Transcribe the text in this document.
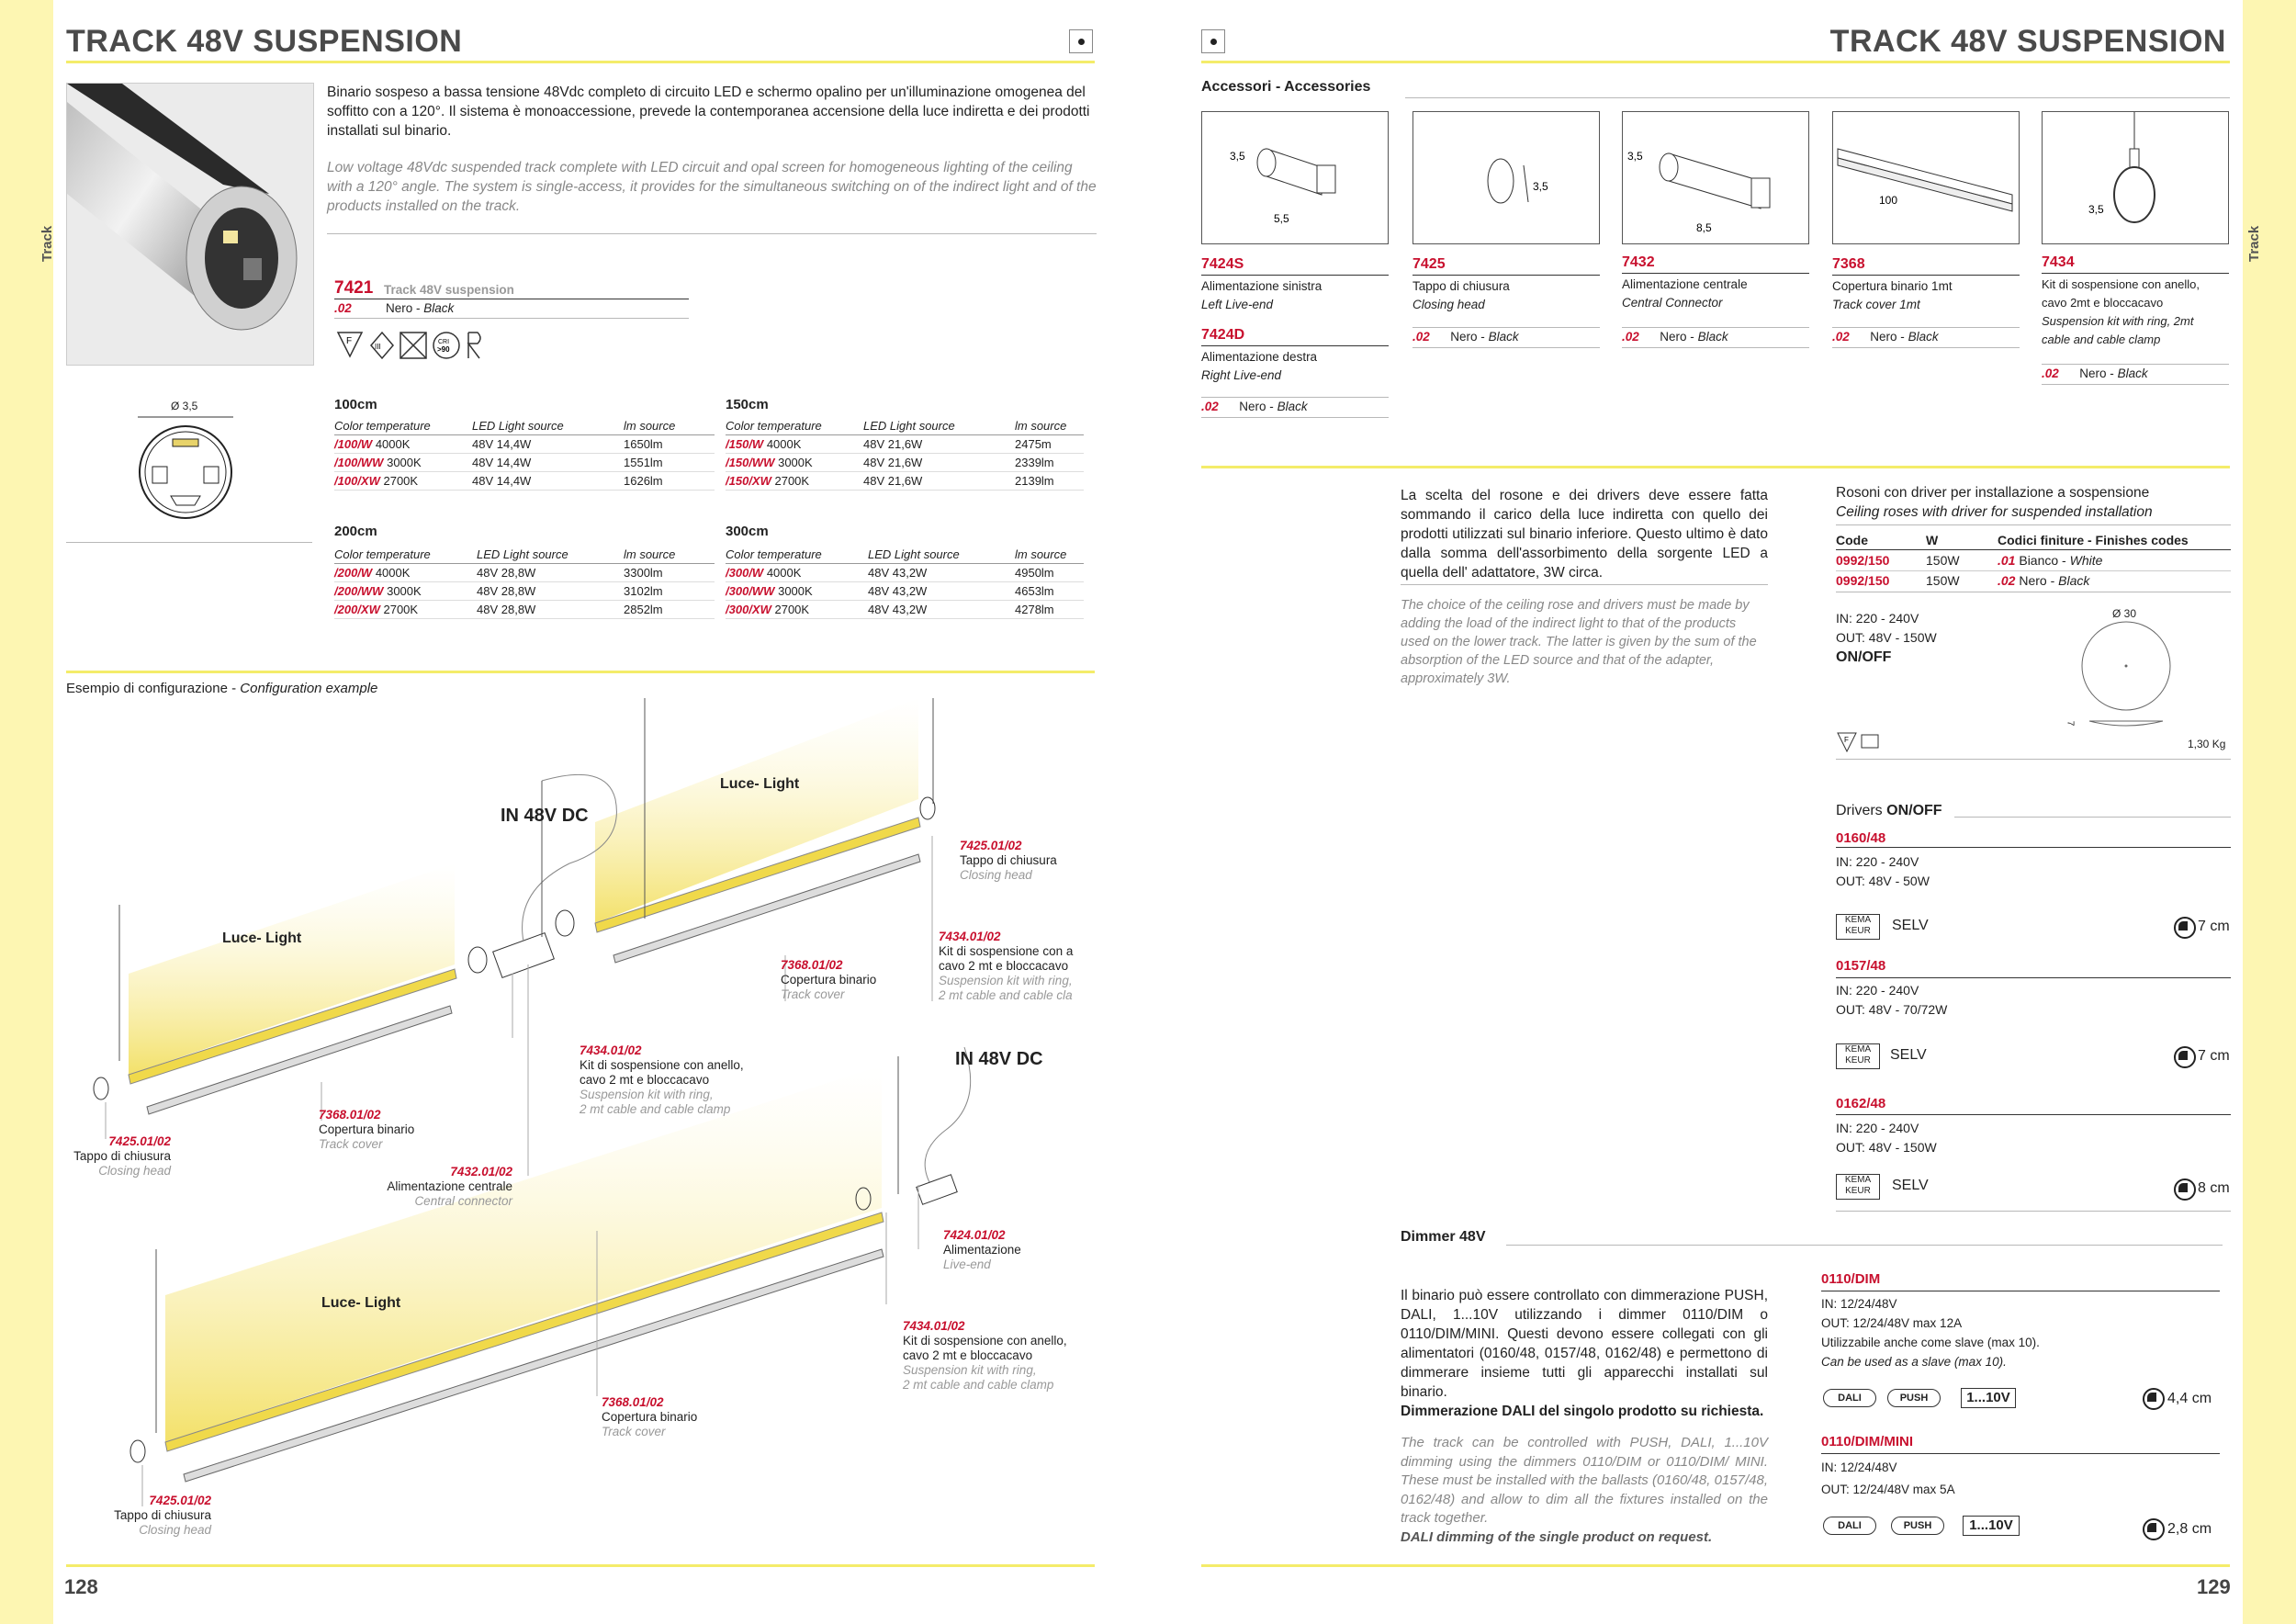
Track
TRACK 48V SUSPENSION
Binario sospeso a bassa tensione 48Vdc completo di circuito LED e schermo opalino per un'illuminazione omogenea del soffitto con a 120°. Il sistema è monoaccessione, prevede la contemporanea accensione della luce indiretta e dei prodotti installati sul binario.
Low voltage 48Vdc suspended track complete with LED circuit and opal screen for homogeneous lighting of the ceiling with a 120° angle. The system is single-access, it provides for the simultaneous switching on of the indirect light and of the products installed on the track.
7421 Track 48V suspension
.02	Nero - Black
F
III
CRI
>90
Ø 3,5	100cm
Color temperature	LED Light source	lm source
/100/W 4000K	48V 14,4W	1650lm
/100/WW 3000K	48V 14,4W	1551lm
/100/XW 2700K	48V 14,4W	1626lm
150cm
Color temperature	LED Light source	lm source
/150/W 4000K	48V 21,6W	2475m
/150/WW 3000K	48V 21,6W	2339lm
/150/XW 2700K	48V 21,6W	2139lm
200cm
Color temperature	LED Light source	lm source
/200/W 4000K	48V 28,8W	3300lm
/200/WW 3000K	48V 28,8W	3102lm
/200/XW 2700K	48V 28,8W	2852lm
300cm
Color temperature	LED Light source	lm source
/300/W 4000K	48V 43,2W	4950lm
/300/WW 3000K	48V 43,2W	4653lm
/300/XW 2700K	48V 43,2W	4278lm
Esempio di configurazione - Configuration example
Luce- Light
Luce- Light
Luce- Light
IN 48V DC
IN 48V DC
7425.01/02
Tappo di chiusura
Closing head
7434.01/02
Kit di sospensione con a
cavo 2 mt e bloccacavo
Suspension kit with ring,
2 mt cable and cable cla
7368.01/02
Copertura binario
Track cover
7434.01/02
Kit di sospensione con anello,
cavo 2 mt e bloccacavo
Suspension kit with ring,
2 mt cable and cable clamp
7425.01/02
Tappo di chiusura
Closing head
7368.01/02
Copertura binario
Track cover
7432.01/02
Alimentazione centrale
Central connector
7424.01/02
Alimentazione
Live-end
7434.01/02
Kit di sospensione con anello,
cavo 2 mt e bloccacavo
Suspension kit with ring,
2 mt cable and cable clamp
7368.01/02
Copertura binario
Track cover
7425.01/02
Tappo di chiusura
Closing head
128
Track
TRACK 48V SUSPENSION
Accessori - Accessories
3,5
5,5
3,5
3,5
8,5
100
3,5
7424S
Alimentazione sinistra
Left Live-end
7424D
Alimentazione destra
Right Live-end
.02 Nero - Black
7425
Tappo di chiusura
Closing head
.02 Nero - Black
7432
Alimentazione centrale
Central Connector
.02 Nero - Black
7368
Copertura binario 1mt
Track cover 1mt
.02 Nero - Black
7434
Kit di sospensione con anello,
cavo 2mt e bloccacavo
Suspension kit with ring, 2mt
cable and cable clamp
.02 Nero - Black
La scelta del rosone e dei drivers deve essere fatta sommando il carico della luce indiretta con quello dei prodotti utilizzati sul binario inferiore. Questo ultimo è dato dalla somma dell'assorbimento della sorgente LED a quella dell' adattatore, 3W circa.
The choice of the ceiling rose and drivers must be made by adding the load of the indirect light to that of the products used on the lower track. The latter is given by the sum of the absorption of the LED source and that of the adapter, approximately 3W.
Rosoni con driver per installazione a sospensione
Ceiling roses with driver for suspended installation
Code	W	Codici finiture - Finishes codes
0992/150	150W	.01 Bianco - White
0992/150	150W	.02 Nero - Black
IN: 220 - 240V
OUT: 48V - 150W
ON/OFF
Ø 30
7
F	1,30 Kg
Drivers ON/OFF
0160/48
IN: 220 - 240V
OUT: 48V - 50W
KEMA KEUR	SELV	7 cm
0157/48
IN: 220 - 240V
OUT: 48V - 70/72W
KEMA KEUR	SELV	7 cm
0162/48
IN: 220 - 240V
OUT: 48V - 150W
KEMA KEUR	SELV	8 cm
Dimmer 48V
Il binario può essere controllato con dimmerazione PUSH, DALI, 1...10V utilizzando i dimmer 0110/DIM o 0110/DIM/MINI. Questi devono essere collegati con gli alimentatori (0160/48, 0157/48, 0162/48) e permettono di dimmerare insieme tutti gli apparecchi installati sul binario.
Dimmerazione DALI del singolo prodotto su richiesta.
The track can be controlled with PUSH, DALI, 1...10V dimming using the dimmers 0110/DIM or 0110/DIM/ MINI. These must be installed with the ballasts (0160/48, 0157/48, 0162/48) and allow to dim all the fixtures installed on the track together.
DALI dimming of the single product on request.
0110/DIM
IN: 12/24/48V
OUT: 12/24/48V max 12A
Utilizzabile anche come slave (max 10).
Can be used as a slave (max 10).
DALI	PUSH	1...10V	4,4 cm
0110/DIM/MINI
IN: 12/24/48V
OUT: 12/24/48V max 5A
DALI	PUSH	1...10V	2,8 cm
129
